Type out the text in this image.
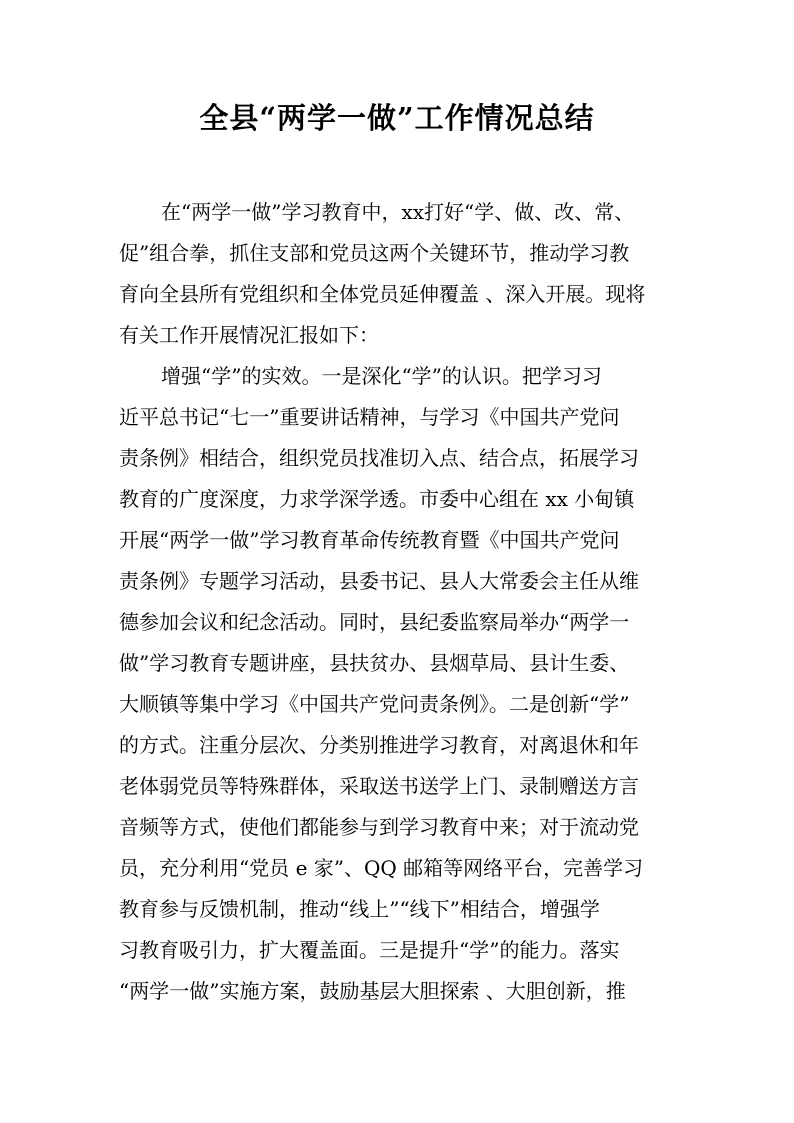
全县“两学一做”工作情况总结
在“两学一做”学习教育中，xx打好“学、做、改、常、
促”组合拳，抓住支部和党员这两个关键环节，推动学习教
育向全县所有党组织和全体党员延伸覆盖 、深入开展。现将
有关工作开展情况汇报如下：
增强“学”的实效。一是深化“学”的认识。把学习习
近平总书记“七一”重要讲话精神，与学习《中国共产党问
责条例》相结合，组织党员找准切入点、结合点，拓展学习
教育的广度深度，力求学深学透。市委中心组在 xx 小甸镇
开展“两学一做”学习教育革命传统教育暨《中国共产党问
责条例》专题学习活动，县委书记、县人大常委会主任从维
德参加会议和纪念活动。同时，县纪委监察局举办“两学一
做”学习教育专题讲座，县扶贫办、县烟草局、县计生委、
大顺镇等集中学习《中国共产党问责条例》。二是创新“学”
的方式。注重分层次、分类别推进学习教育，对离退休和年
老体弱党员等特殊群体，采取送书送学上门、录制赠送方言
音频等方式，使他们都能参与到学习教育中来；对于流动党
员，充分利用“党员 e 家”、QQ 邮箱等网络平台，完善学习
教育参与反馈机制，推动“线上”“线下”相结合，增强学
习教育吸引力，扩大覆盖面。三是提升“学”的能力。落实
“两学一做”实施方案，鼓励基层大胆探索 、大胆创新，推
